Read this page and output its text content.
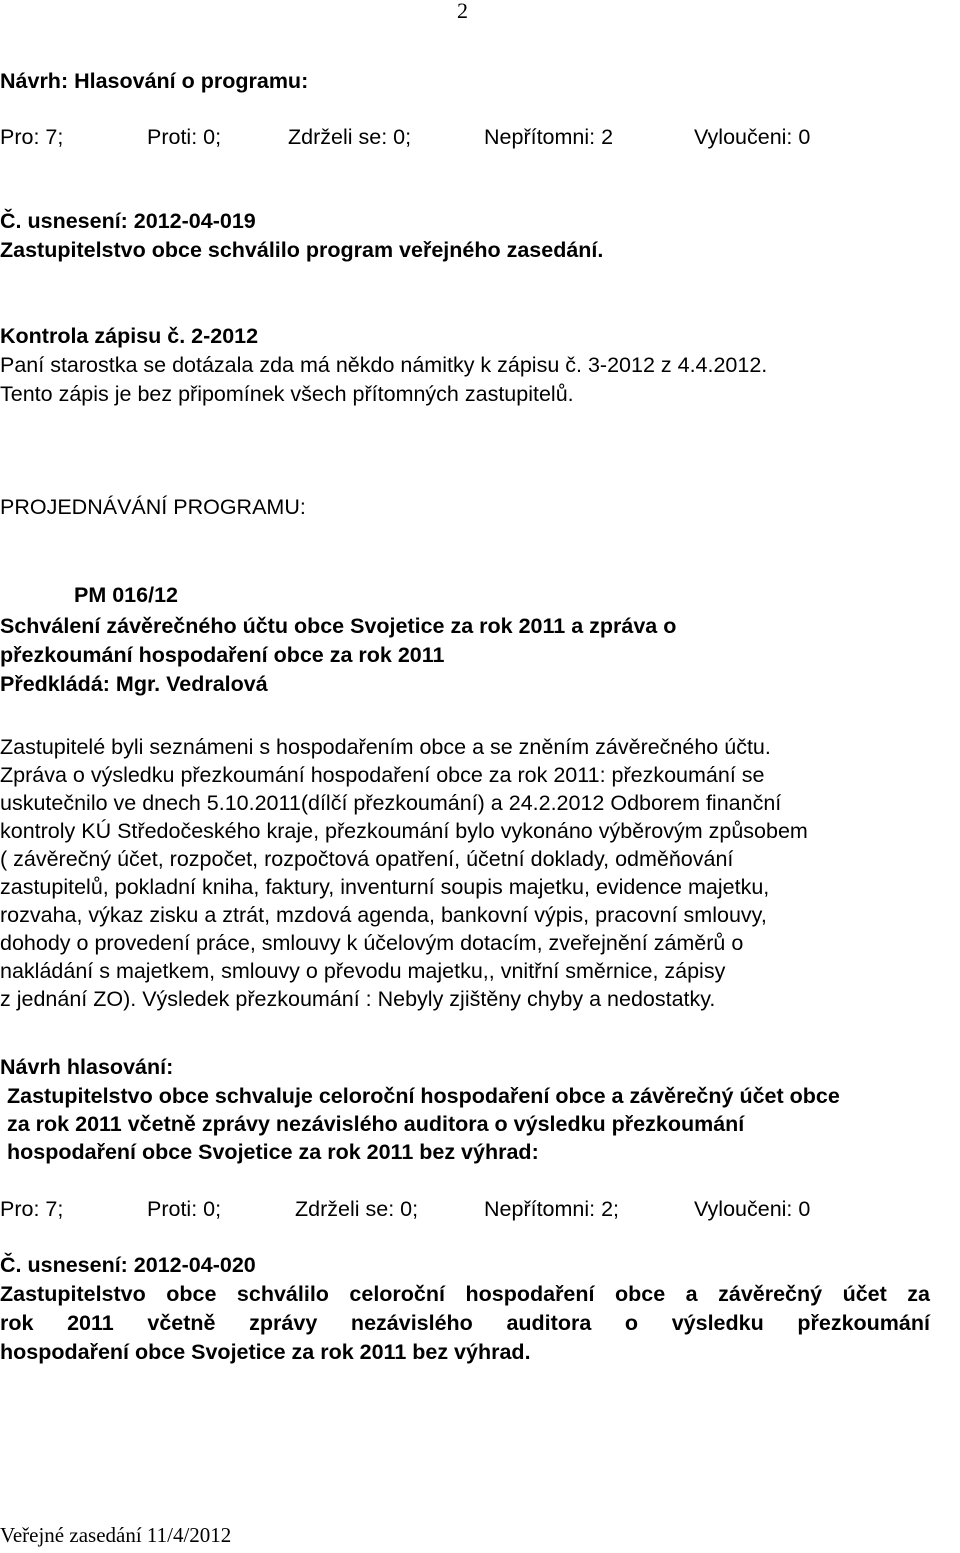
2
Návrh: Hlasování o programu:
Pro: 7;	Proti: 0;	Zdrželi se: 0;	Nepřítomni: 2	Vyloučeni: 0
Č. usnesení: 2012-04-019
Zastupitelstvo obce schválilo program veřejného zasedání.
Kontrola zápisu č. 2-2012
Paní starostka se dotázala zda má někdo námitky k zápisu č. 3-2012 z 4.4.2012.
Tento zápis je bez připomínek všech přítomných zastupitelů.
PROJEDNÁVÁNÍ PROGRAMU:
PM 016/12
Schválení závěrečného účtu obce Svojetice za rok 2011 a zpráva o
přezkoumání hospodaření obce za rok 2011
Předkládá: Mgr. Vedralová
Zastupitelé byli seznámeni s hospodařením obce a se zněním závěrečného účtu.
Zpráva o výsledku přezkoumání hospodaření obce za rok 2011: přezkoumání se
uskutečnilo ve dnech 5.10.2011(dílčí přezkoumání) a 24.2.2012 Odborem finanční
kontroly KÚ Středočeského kraje, přezkoumání bylo vykonáno výběrovým způsobem
( závěrečný účet, rozpočet, rozpočtová opatření, účetní doklady, odměňování
zastupitelů, pokladní kniha, faktury, inventurní soupis majetku, evidence majetku,
rozvaha, výkaz zisku a ztrát, mzdová agenda, bankovní výpis, pracovní smlouvy,
dohody o provedení práce, smlouvy k účelovým dotacím, zveřejnění záměrů o
nakládání s majetkem, smlouvy o převodu majetku,, vnitřní směrnice, zápisy
z jednání ZO). Výsledek přezkoumání : Nebyly zjištěny chyby a nedostatky.
Návrh hlasování:
Zastupitelstvo obce schvaluje celoroční hospodaření obce a závěrečný účet obce
za rok 2011 včetně zprávy nezávislého auditora o výsledku přezkoumání
hospodaření obce Svojetice za rok 2011 bez výhrad:
Pro: 7;	Proti: 0;	Zdrželi se: 0;	Nepřítomni: 2;	Vyloučeni: 0
Č. usnesení: 2012-04-020
Zastupitelstvo obce schválilo celoroční hospodaření obce a závěrečný účet za
rok 2011 včetně zprávy nezávislého auditora o výsledku přezkoumání
hospodaření obce Svojetice za rok 2011 bez výhrad.
Veřejné zasedání 11/4/2012
